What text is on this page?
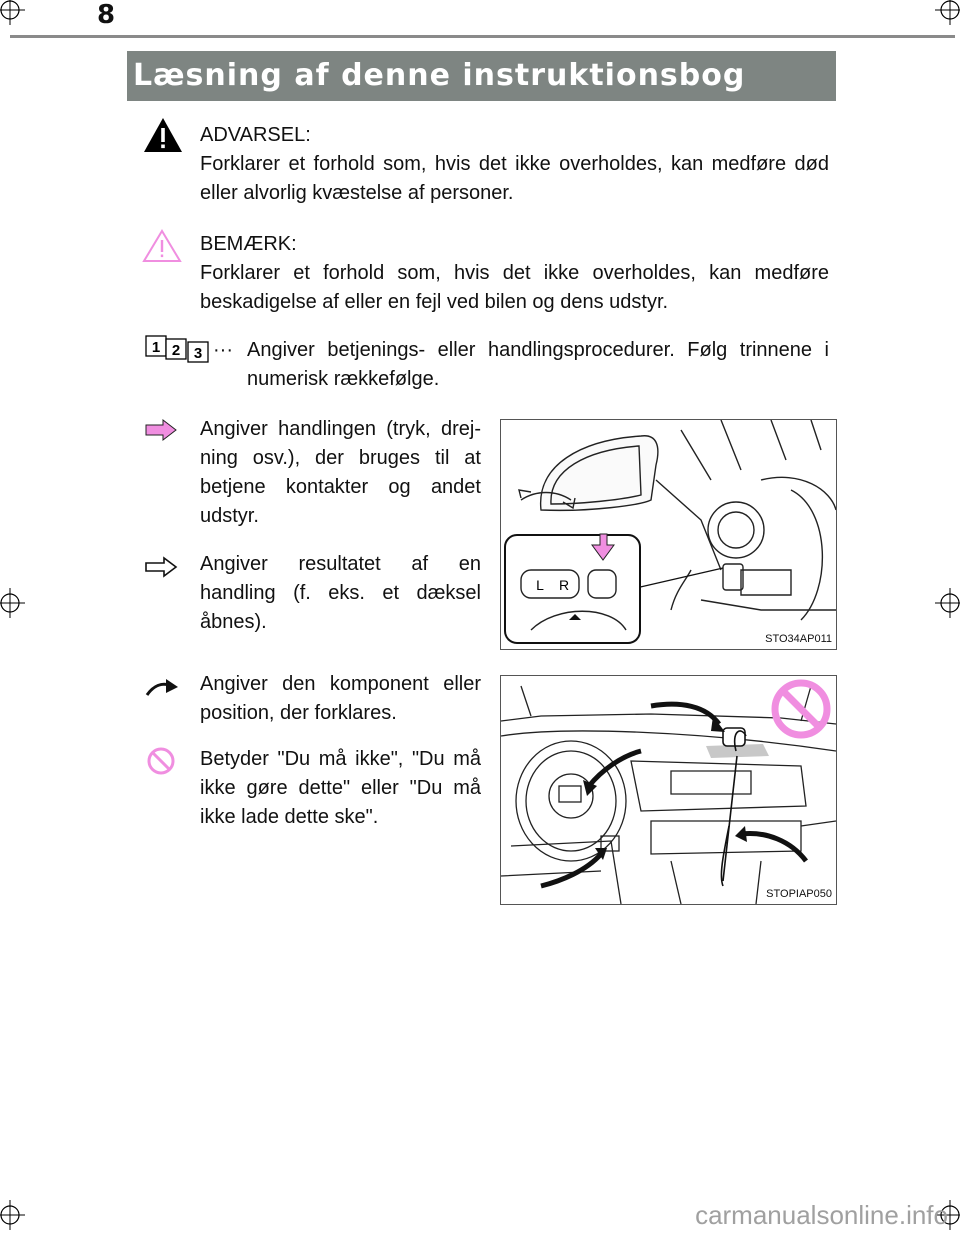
8
Læsning af denne instruktionsbog
ADVARSEL:
Forklarer et forhold som, hvis det ikke overholdes, kan medføre død eller alvorlig kvæstelse af personer.
BEMÆRK:
Forklarer et forhold som, hvis det ikke overholdes, kan medføre beskadigelse af eller en fejl ved bilen og dens udstyr.
1 2 3 ··· Angiver betjenings- eller handlingsprocedurer. Følg trinnene i numerisk rækkefølge.
Angiver handlingen (tryk, drej-ning osv.), der bruges til at betjene kontakter og andet udstyr.
Angiver resultatet af en handling (f. eks. et dæksel åbnes).
L R
STO34AP011
Angiver den komponent eller position, der forklares.
Betyder "Du må ikke", "Du må ikke gøre dette" eller "Du må ikke lade dette ske".
STOPIAP050
carmanualsonline.info
